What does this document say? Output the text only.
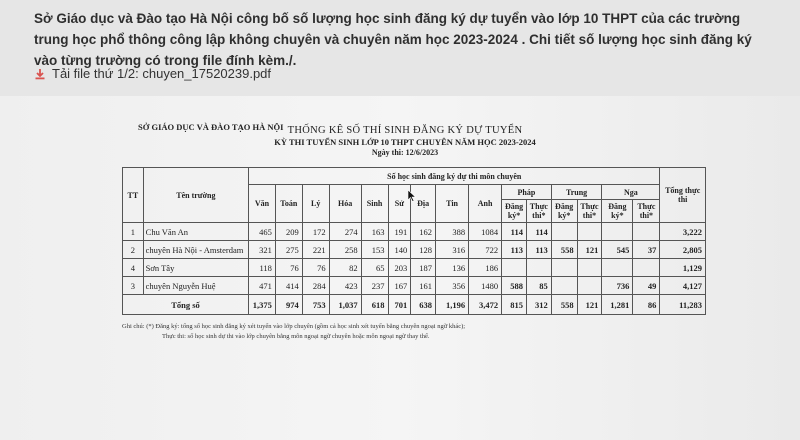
Sở Giáo dục và Đào tạo Hà Nội công bố số lượng học sinh đăng ký dự tuyển vào lớp 10 THPT của các trường trung học phổ thông công lập không chuyên và chuyên năm học 2023-2024 . Chi tiết số lượng học sinh đăng ký vào từng trường có trong file đính kèm./.
Tải file thứ 1/2: chuyen_17520239.pdf
SỞ GIÁO DỤC VÀ ĐÀO TẠO HÀ NỘI THỐNG KÊ SỐ THÍ SINH ĐĂNG KÝ DỰ TUYỂN
KỲ THI TUYỂN SINH LỚP 10 THPT CHUYÊN NĂM HỌC 2023-2024
Ngày thi: 12/6/2023
TT	Tên trường	Số học sinh đăng ký dự thi môn chuyên															Tổng thực thi
		Văn	Toán	Lý	Hóa	Sinh	Sử	Địa	Tin	Anh	Pháp		Trung		Nga		
											Đăng ký*	Thực thi*	Đăng ký*	Thực thi*	Đăng ký*	Thực thi*	
1	Chu Văn An	465	209	172	274	163	191	162	388	1084	114	114					3,222
2	chuyên Hà Nội - Amsterdam	321	275	221	258	153	140	128	316	722	113	113	558	121	545	37	2,805
4	Sơn Tây	118	76	76	82	65	203	187	136	186							1,129
3	chuyên Nguyễn Huệ	471	414	284	423	237	167	161	356	1480	588	85			736	49	4,127
Tổng số		1,375	974	753	1,037	618	701	638	1,196	3,472	815	312	558	121	1,281	86	11,283
Ghi chú: (*) Đăng ký: tổng số học sinh đăng ký xét tuyển vào lớp chuyên (gồm cả học sinh xét tuyển bằng chuyên ngoại ngữ khác);
Thực thi: số học sinh dự thi vào lớp chuyên bằng môn ngoại ngữ chuyên hoặc môn ngoại ngữ thay thế.
